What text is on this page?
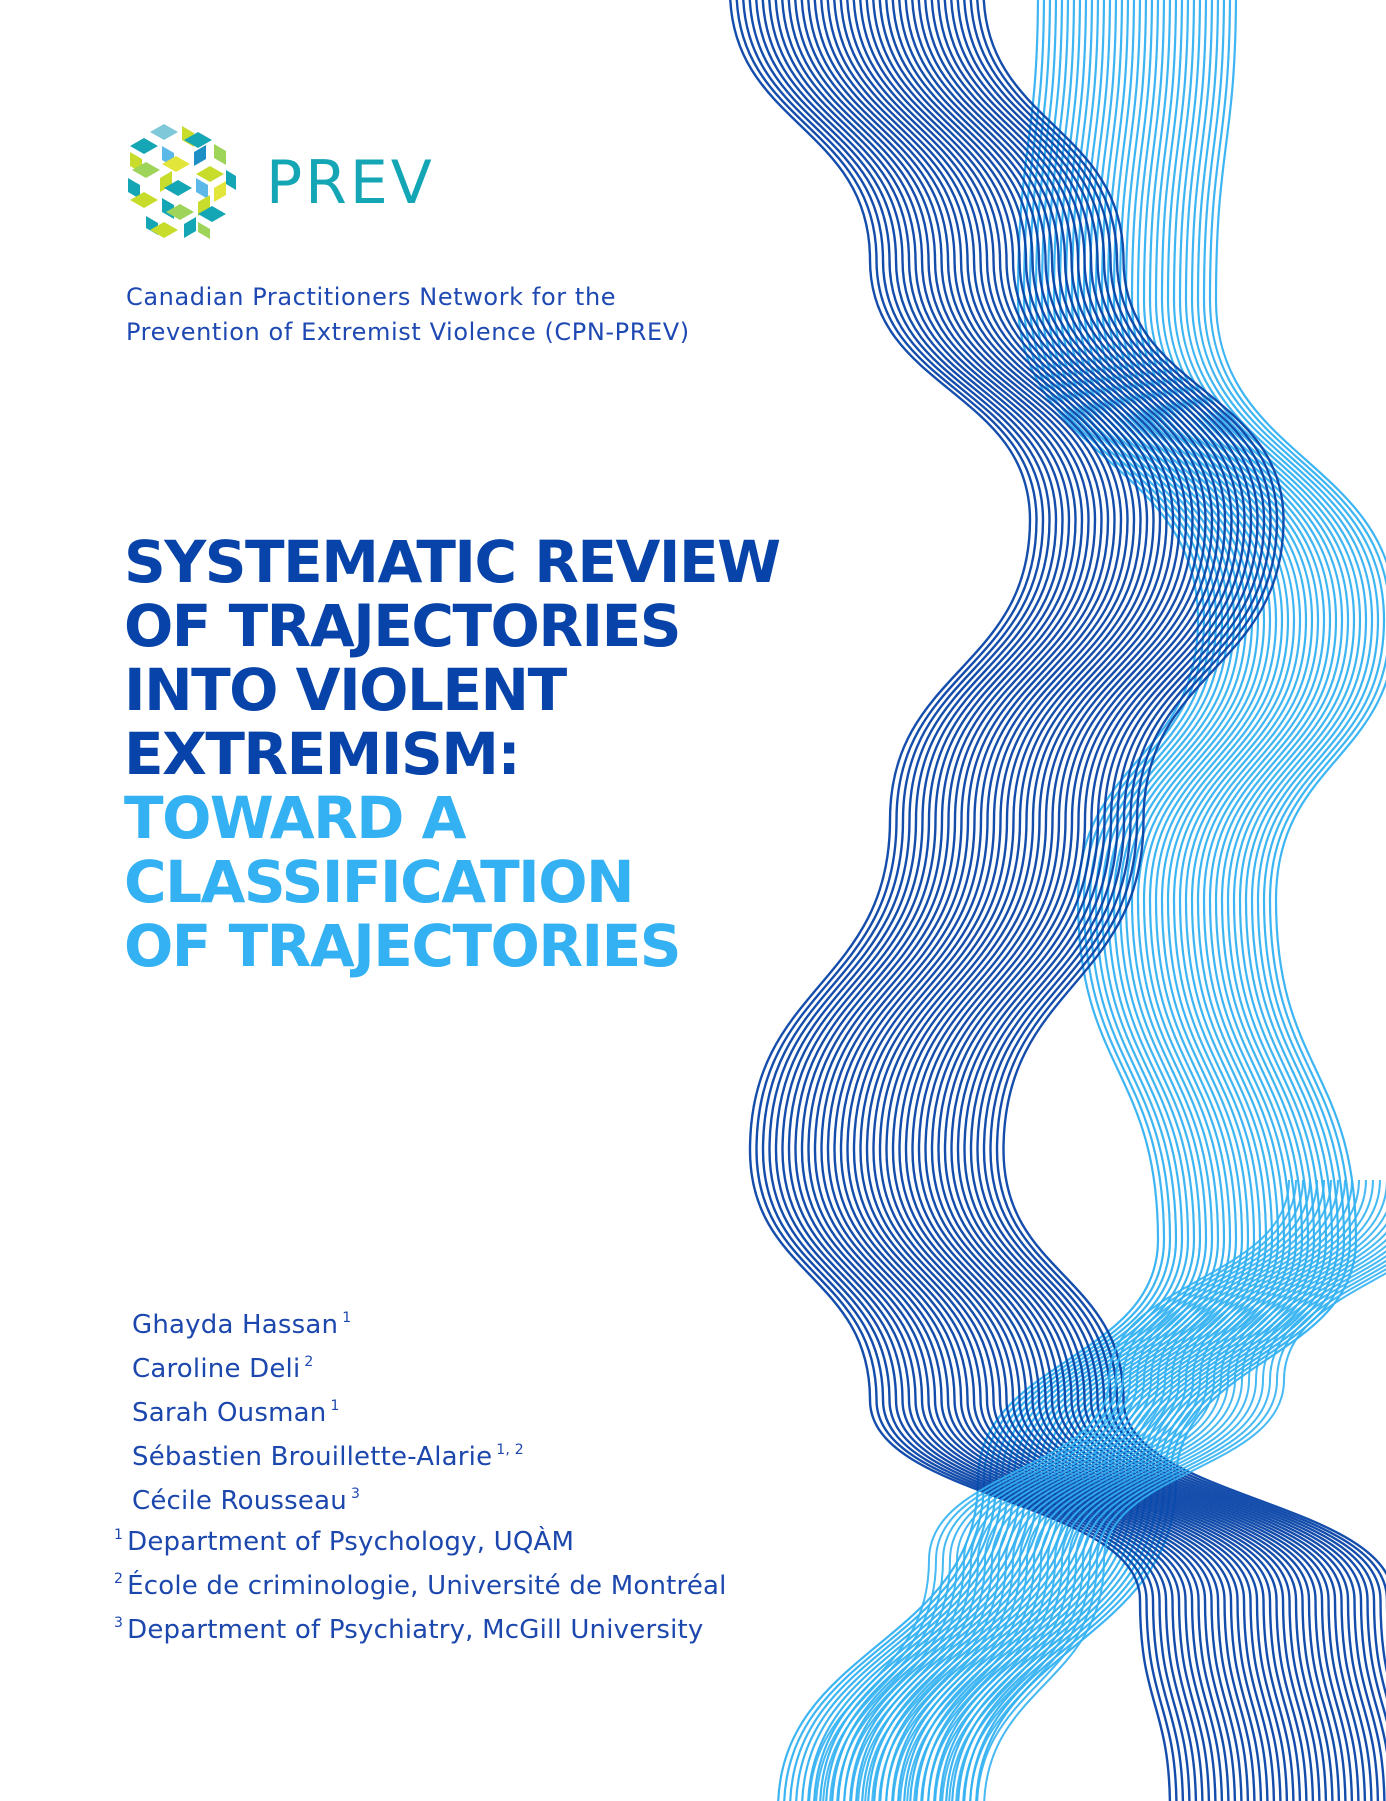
PREV
Canadian Practitioners Network for the
Prevention of Extremist Violence (CPN-PREV)
SYSTEMATIC REVIEW
OF TRAJECTORIES
INTO VIOLENT
EXTREMISM:
TOWARD A
CLASSIFICATION
OF TRAJECTORIES
Ghayda Hassan $^1$
Caroline Deli $^2$
Sarah Ousman $^1$
Sébastien Brouillette-Alarie $^{1, 2}$
Cécile Rousseau $^3$
$^1$ Department of Psychology, UQÀM
$^2$ École de criminologie, Université de Montréal
$^3$ Department of Psychiatry, McGill University
